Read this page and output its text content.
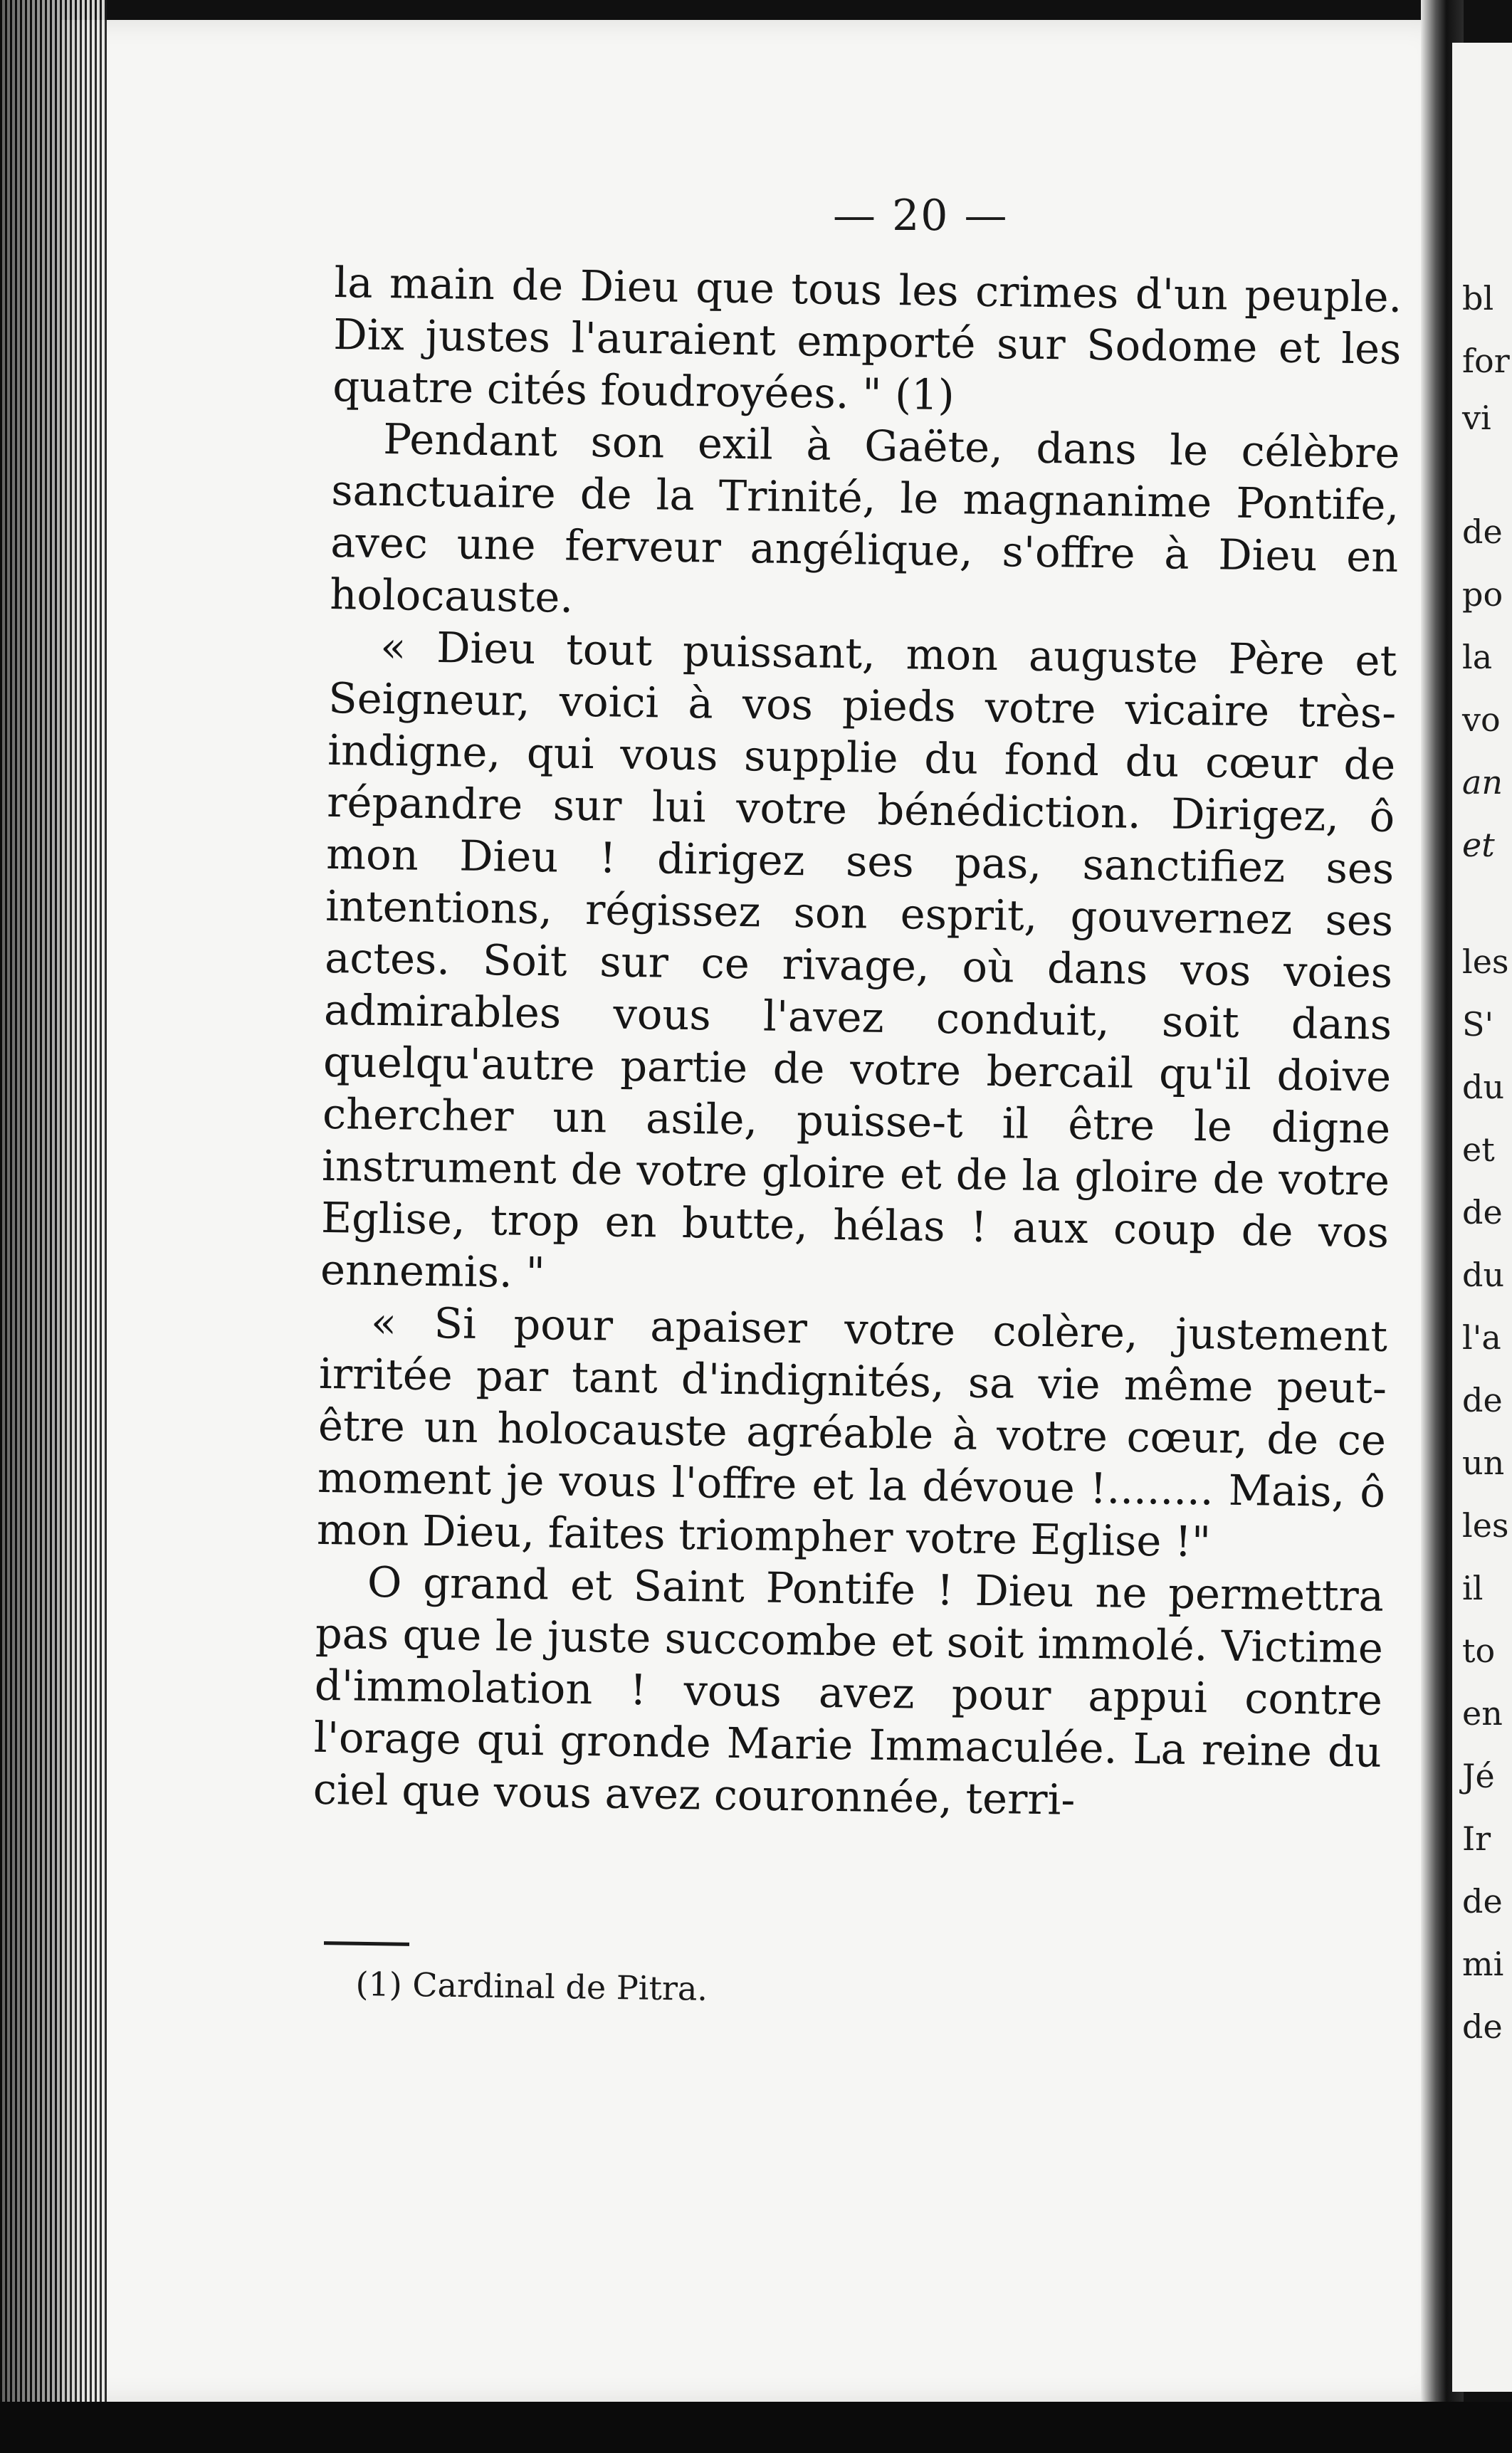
bl
for
vi
de
po
la
vo
an
et
les
S'
du
et
de
du
l'a
de
un
les
il
to
en
Jé
Ir
de
mi
de
— 20 —

la main de Dieu que tous les crimes d'un peuple. Dix justes l'auraient emporté sur Sodome et les quatre cités foudroyées. " (1)

Pendant son exil à Gaëte, dans le célèbre sanctuaire de la Trinité, le magnanime Pontife, avec une ferveur angélique, s'offre à Dieu en holocauste.

« Dieu tout puissant, mon auguste Père et Seigneur, voici à vos pieds votre vicaire très-indigne, qui vous supplie du fond du cœur de répandre sur lui votre bénédiction. Dirigez, ô mon Dieu ! dirigez ses pas, sanctifiez ses intentions, régissez son esprit, gouvernez ses actes. Soit sur ce rivage, où dans vos voies admirables vous l'avez conduit, soit dans quelqu'autre partie de votre bercail qu'il doive chercher un asile, puisse-t il être le digne instrument de votre gloire et de la gloire de votre Eglise, trop en butte, hélas ! aux coup de vos ennemis. "

« Si pour apaiser votre colère, justement irritée par tant d'indignités, sa vie même peut-être un holocauste agréable à votre cœur, de ce moment je vous l'offre et la dévoue !........ Mais, ô mon Dieu, faites triompher votre Eglise !"

O grand et Saint Pontife ! Dieu ne permettra pas que le juste succombe et soit immolé. Victime d'immolation ! vous avez pour appui contre l'orage qui gronde Marie Immaculée. La reine du ciel que vous avez couronnée, terri-

(1) Cardinal de Pitra.
